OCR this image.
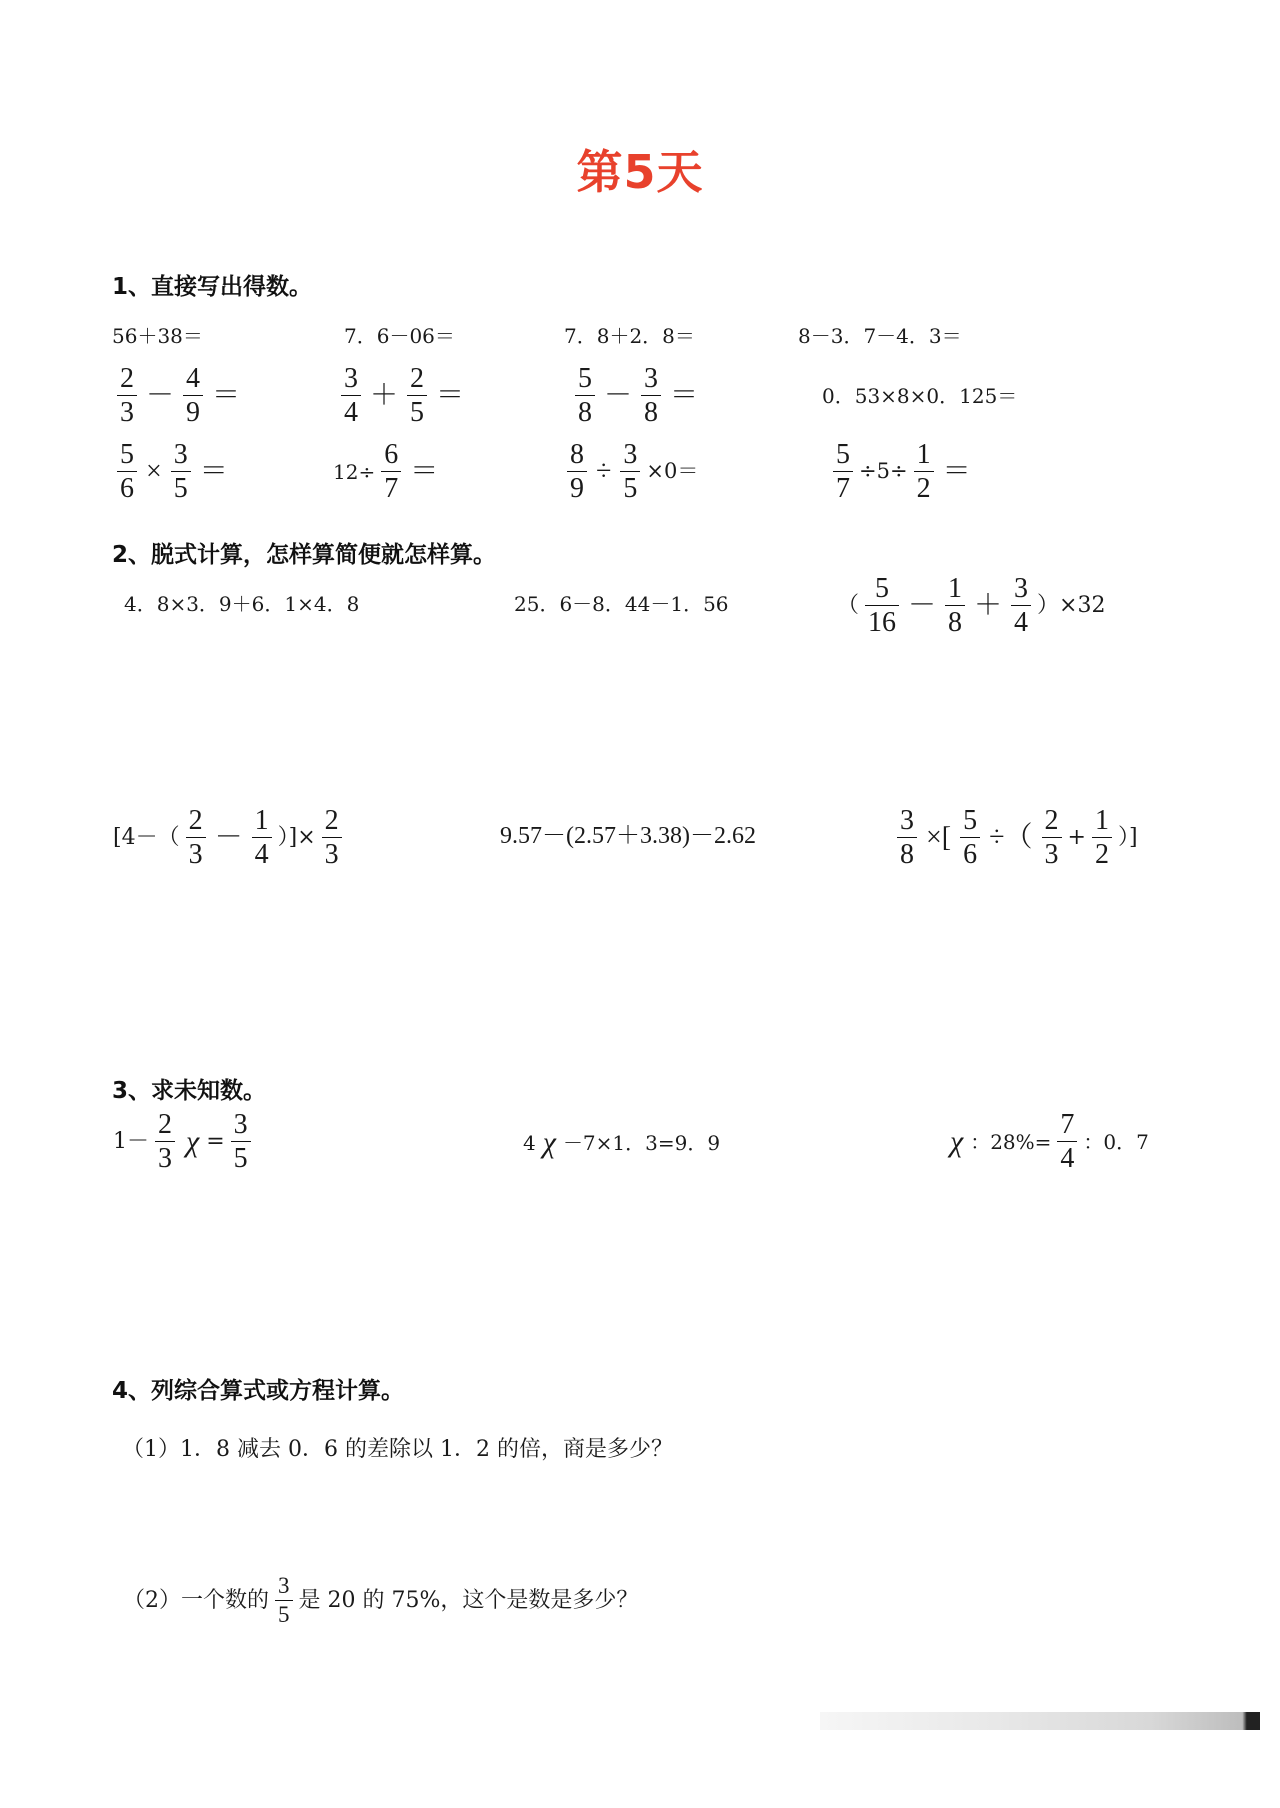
第5天
1、直接写出得数。
56＋38＝	7．6－06＝	7．8＋2．8＝	8－3．7－4．3＝
$\frac{2}{3} - \frac{4}{9}$ ＝	$\frac{3}{4} + \frac{2}{5}$ ＝	$\frac{5}{8} - \frac{3}{8}$ ＝	0．53×8×0．125＝
$\frac{5}{6} \times \frac{3}{5}$ ＝	$12\div \frac{6}{7}$ ＝	$\frac{8}{9} \div \frac{3}{5} \times 0=$	$\frac{5}{7} \div 5\div \frac{1}{2}$ ＝
2、脱式计算，怎样算简便就怎样算。
4．8×3．9＋6．1×4．8	25．6－8．44－1．56	（ $\frac{5}{16} - \frac{1}{8} + \frac{3}{4} )\times 32$
[$4-( \frac{2}{3} - \frac{1}{4}$ ）]× $\frac{2}{3}$	9.57－(2.57＋3.38)－2.62	$\frac{3}{8}$ ×[ $\frac{5}{6}$ ÷（ $\frac{2}{3} + \frac{1}{2}$ ）]
3、求未知数。
$1- \frac{2}{3}$ $\chi = \frac{3}{5}$	4 χ －7×1．3=9．9	χ ：$28\%= \frac{7}{4}$ ：0．7
4、列综合算式或方程计算。
（1）1．8 减去 0．6 的差除以 1．2 的倍，商是多少？
（2）一个数的 $\frac{3}{5}$ 是 20 的 75%，这个是数是多少？
